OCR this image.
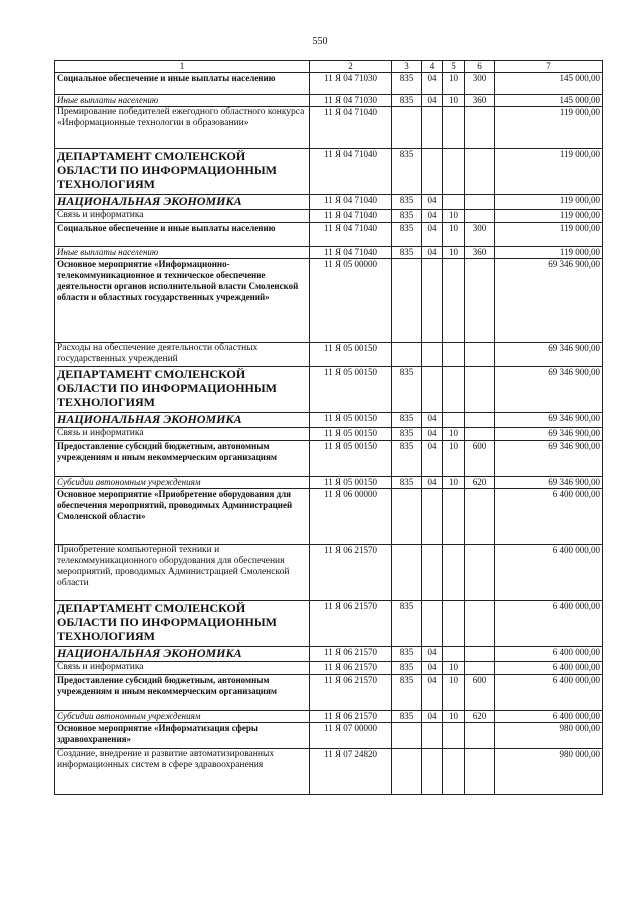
550
1	2	3	4	5	6	7
Социальное обеспечение и иные выплаты населению	11 Я 04 71030	835	04	10	300	145 000,00
Иные выплаты населению	11 Я 04 71030	835	04	10	360	145 000,00
Премирование победителей ежегодного областного конкурса «Информационные технологии в образовании»	11 Я 04 71040					119 000,00
ДЕПАРТАМЕНТ СМОЛЕНСКОЙ ОБЛАСТИ ПО ИНФОРМАЦИОННЫМ ТЕХНОЛОГИЯМ	11 Я 04 71040	835				119 000,00
НАЦИОНАЛЬНАЯ ЭКОНОМИКА	11 Я 04 71040	835	04			119 000,00
Связь и информатика	11 Я 04 71040	835	04	10		119 000,00
Социальное обеспечение и иные выплаты населению	11 Я 04 71040	835	04	10	300	119 000,00
Иные выплаты населению	11 Я 04 71040	835	04	10	360	119 000,00
Основное мероприятие «Информационно-телекоммуникационное и техническое обеспечение деятельности органов исполнительной власти Смоленской области и областных государственных учреждений»	11 Я 05 00000					69 346 900,00
Расходы на обеспечение деятельности областных государственных учреждений	11 Я 05 00150					69 346 900,00
ДЕПАРТАМЕНТ СМОЛЕНСКОЙ ОБЛАСТИ ПО ИНФОРМАЦИОННЫМ ТЕХНОЛОГИЯМ	11 Я 05 00150	835				69 346 900,00
НАЦИОНАЛЬНАЯ ЭКОНОМИКА	11 Я 05 00150	835	04			69 346 900,00
Связь и информатика	11 Я 05 00150	835	04	10		69 346 900,00
Предоставление субсидий бюджетным, автономным учреждениям и иным некоммерческим организациям	11 Я 05 00150	835	04	10	600	69 346 900,00
Субсидии автономным учреждениям	11 Я 05 00150	835	04	10	620	69 346 900,00
Основное мероприятие «Приобретение оборудования для обеспечения мероприятий, проводимых Администрацией Смоленской области»	11 Я 06 00000					6 400 000,00
Приобретение компьютерной техники и телекоммуникационного оборудования для обеспечения мероприятий, проводимых Администрацией Смоленской области	11 Я 06 21570					6 400 000,00
ДЕПАРТАМЕНТ СМОЛЕНСКОЙ ОБЛАСТИ ПО ИНФОРМАЦИОННЫМ ТЕХНОЛОГИЯМ	11 Я 06 21570	835				6 400 000,00
НАЦИОНАЛЬНАЯ ЭКОНОМИКА	11 Я 06 21570	835	04			6 400 000,00
Связь и информатика	11 Я 06 21570	835	04	10		6 400 000,00
Предоставление субсидий бюджетным, автономным учреждениям и иным некоммерческим организациям	11 Я 06 21570	835	04	10	600	6 400 000,00
Субсидии автономным учреждениям	11 Я 06 21570	835	04	10	620	6 400 000,00
Основное мероприятие «Информатизация сферы здравоохранения»	11 Я 07 00000					980 000,00
Создание, внедрение и развитие автоматизированных информационных систем в сфере здравоохранения	11 Я 07 24820					980 000,00
